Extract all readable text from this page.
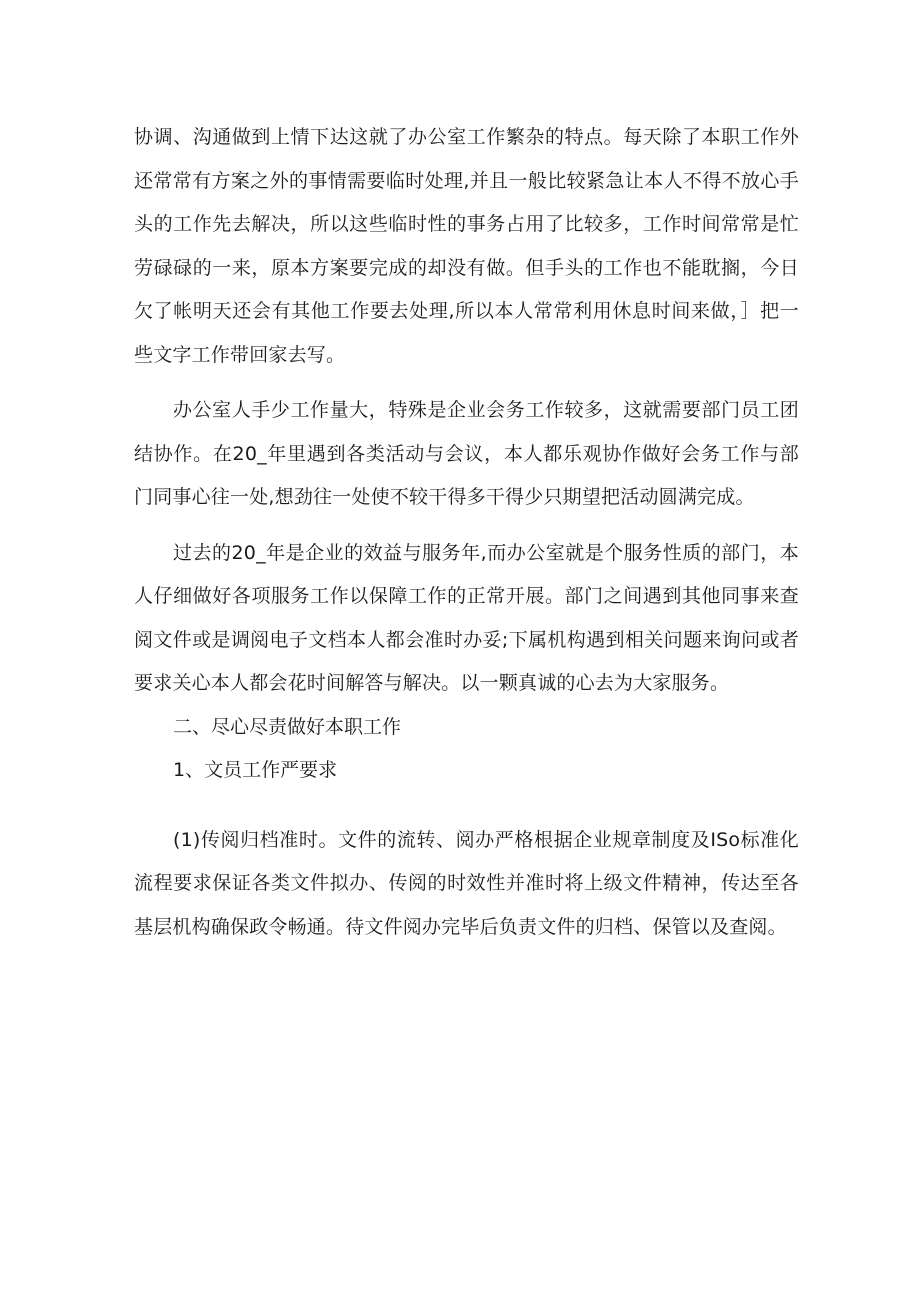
协调、沟通做到上情下达这就了办公室工作繁杂的特点。每天除了本职工作外还常常有方案之外的事情需要临时处理,并且一般比较紧急让本人不得不放心手头的工作先去解决，所以这些临时性的事务占用了比较多，工作时间常常是忙劳碌碌的一来，原本方案要完成的却没有做。但手头的工作也不能耽搁，今日欠了帐明天还会有其他工作要去处理,所以本人常常利用休息时间来做，］把一些文字工作带回家去写。

办公室人手少工作量大，特殊是企业会务工作较多，这就需要部门员工团结协作。在20_年里遇到各类活动与会议，本人都乐观协作做好会务工作与部门同事心往一处,想劲往一处使不较干得多干得少只期望把活动圆满完成。

过去的20_年是企业的效益与服务年,而办公室就是个服务性质的部门，本人仔细做好各项服务工作以保障工作的正常开展。部门之间遇到其他同事来查阅文件或是调阅电子文档本人都会准时办妥;下属机构遇到相关问题来询问或者要求关心本人都会花时间解答与解决。以一颗真诚的心去为大家服务。

二、尽心尽责做好本职工作

1、文员工作严要求

(1)传阅归档准时。文件的流转、阅办严格根据企业规章制度及ISo标准化流程要求保证各类文件拟办、传阅的时效性并准时将上级文件精神，传达至各基层机构确保政令畅通。待文件阅办完毕后负责文件的归档、保管以及查阅。
